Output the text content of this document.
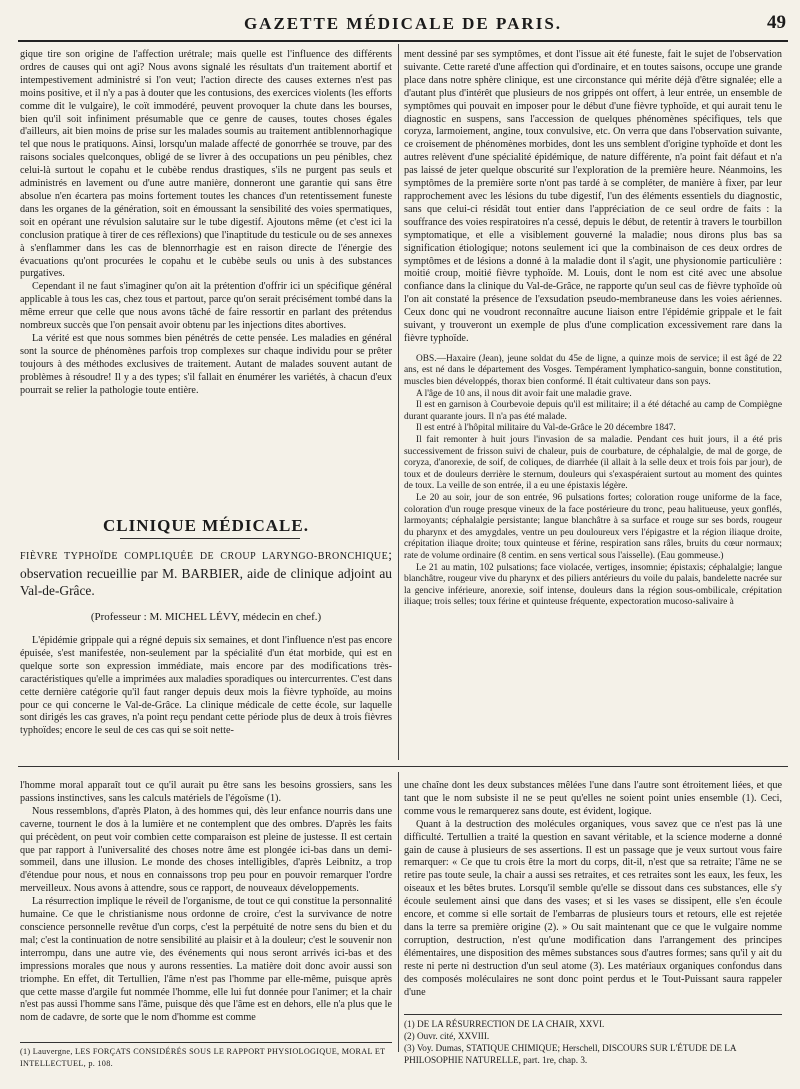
GAZETTE MÉDICALE DE PARIS.	49

gique tire son origine de l'affection urétrale; mais quelle est l'influence des différents ordres de causes qui ont agi? Nous avons signalé les résultats d'un traitement abortif et intempestivement administré si l'on veut; l'action directe des causes externes n'est pas moins positive, et il n'y a pas à douter que les contusions, des exercices violents (les efforts comme dit le vulgaire), le coït immodéré, peuvent provoquer la chute dans les bourses, bien qu'il soit infiniment présumable que ce genre de causes, toutes choses égales d'ailleurs, ait bien moins de prise sur les malades soumis au traitement antiblennorhagique tel que nous le pratiquons. Ainsi, lorsqu'un malade affecté de gonorrhée se trouve, par des raisons sociales quelconques, obligé de se livrer à des occupations un peu pénibles, chez celui-là surtout le copahu et le cubèbe rendus drastiques, s'ils ne purgent pas seuls et administrés en lavement ou d'une autre manière, donneront une garantie qui sans être absolue n'en écartera pas moins fortement toutes les chances d'un retentissement funeste dans les organes de la génération, soit en émoussant la sensibilité des voies spermatiques, soit en opérant une révulsion salutaire sur le tube digestif. Ajoutons même (et c'est ici la conclusion pratique à tirer de ces réflexions) que l'inaptitude du testicule ou de ses annexes à s'enflammer dans les cas de blennorrhagie est en raison directe de l'énergie des évacuations qu'ont procurées le copahu et le cubèbe seuls ou unis à des substances purgatives.

Cependant il ne faut s'imaginer qu'on ait la prétention d'offrir ici un spécifique général applicable à tous les cas, chez tous et partout, parce qu'on serait précisément tombé dans la même erreur que celle que nous avons tâché de faire ressortir en parlant des prétendus nombreux succès que l'on pensait avoir obtenu par les injections dites abortives.

La vérité est que nous sommes bien pénétrés de cette pensée. Les maladies en général sont la source de phénomènes parfois trop complexes sur chaque individu pour se prêter toujours à des méthodes exclusives de traitement. Autant de malades souvent autant de problèmes à résoudre! Il y a des types; s'il fallait en énumérer les variétés, à chacun d'eux pourrait se relier la pathologie toute entière.

CLINIQUE MÉDICALE.
FIÈVRE TYPHOÏDE COMPLIQUÉE DE CROUP LARYNGO-BRONCHIQUE; observation recueillie par M. BARBIER, aide de clinique adjoint au Val-de-Grâce.
(Professeur : M. MICHEL LÉVY, médecin en chef.)

L'épidémie grippale qui a régné depuis six semaines, et dont l'influence n'est pas encore épuisée, s'est manifestée, non-seulement par la spécialité d'un état morbide, qui est en quelque sorte son expression immédiate, mais encore par des modifications très-caractéristiques qu'elle a imprimées aux maladies sporadiques ou intercurrentes. C'est dans cette dernière catégorie qu'il faut ranger depuis deux mois la fièvre typhoïde, au moins pour ce qui concerne le Val-de-Grâce. La clinique médicale de cette école, sur laquelle sont dirigés les cas graves, n'a point reçu pendant cette période plus de deux à trois fièvres typhoïdes; encore le seul de ces cas qui se soit nette-

ment dessiné par ses symptômes, et dont l'issue ait été funeste, fait le sujet de l'observation suivante. Cette rareté d'une affection qui d'ordinaire, et en toutes saisons, occupe une grande place dans notre sphère clinique, est une circonstance qui mérite déjà d'être signalée; elle a d'autant plus d'intérêt que plusieurs de nos grippés ont offert, à leur entrée, un ensemble de symptômes qui pouvait en imposer pour le début d'une fièvre typhoïde, et qui aurait tenu le diagnostic en suspens, sans l'accession de quelques phénomènes spécifiques, tels que coryza, larmoiement, angine, toux convulsive, etc. On verra que dans l'observation suivante, ce croisement de phénomènes morbides, dont les uns semblent d'origine typhoïde et dont les autres relèvent d'une spécialité épidémique, de nature différente, n'a point fait défaut et n'a pas laissé de jeter quelque obscurité sur l'exploration de la première heure. Néanmoins, les symptômes de la première sorte n'ont pas tardé à se compléter, de manière à fixer, par leur rapprochement avec les lésions du tube digestif, l'un des éléments essentiels du diagnostic, sans que celui-ci résidât tout entier dans l'appréciation de ce seul ordre de faits : la souffrance des voies respiratoires n'a cessé, depuis le début, de retentir à travers le tourbillon symptomatique, et elle a visiblement gouverné la maladie; nous dirons plus bas sa signification étiologique; notons seulement ici que la combinaison de ces deux ordres de symptômes et de lésions a donné à la maladie dont il s'agit, une physionomie particulière : moitié croup, moitié fièvre typhoïde. M. Louis, dont le nom est cité avec une absolue confiance dans la clinique du Val-de-Grâce, ne rapporte qu'un seul cas de fièvre typhoïde où l'on ait constaté la présence de l'exsudation pseudo-membraneuse dans les voies aériennes. Ceux donc qui ne voudront reconnaître aucune liaison entre l'épidémie grippale et le fait suivant, y trouveront un exemple de plus d'une complication excessivement rare dans la fièvre typhoïde.

OBS.—Haxaire (Jean), jeune soldat du 45e de ligne, a quinze mois de service; il est âgé de 22 ans, est né dans le département des Vosges. Tempérament lymphatico-sanguin, bonne constitution, muscles bien développés, thorax bien conformé. Il était cultivateur dans son pays.

A l'âge de 10 ans, il nous dit avoir fait une maladie grave.

Il est en garnison à Courbevoie depuis qu'il est militaire; il a été détaché au camp de Compiègne durant quarante jours. Il n'a pas été malade.

Il est entré à l'hôpital militaire du Val-de-Grâce le 20 décembre 1847.

Il fait remonter à huit jours l'invasion de sa maladie. Pendant ces huit jours, il a été pris successivement de frisson suivi de chaleur, puis de courbature, de céphalalgie, de mal de gorge, de coryza, d'anorexie, de soif, de coliques, de diarrhée (il allait à la selle deux et trois fois par jour), de toux et de douleurs derrière le sternum, douleurs qui s'exaspéraient surtout au moment des quintes de toux. La veille de son entrée, il a eu une épistaxis légère.

Le 20 au soir, jour de son entrée, 96 pulsations fortes; coloration rouge uniforme de la face, coloration d'un rouge presque vineux de la face postérieure du tronc, peau halitueuse, yeux gonflés, larmoyants; céphalalgie persistante; langue blanchâtre à sa surface et rouge sur ses bords, rougeur du pharynx et des amygdales, ventre un peu douloureux vers l'épigastre et la région iliaque droite, crépitation iliaque droite; toux quinteuse et férine, respiration sans râles, bruits du cœur normaux; rate de volume ordinaire (8 centim. en sens vertical sous l'aisselle). (Eau gommeuse.)

Le 21 au matin, 102 pulsations; face violacée, vertiges, insomnie; épistaxis; céphalalgie; langue blanchâtre, rougeur vive du pharynx et des piliers antérieurs du voile du palais, bandelette nacrée sur la gencive inférieure, anorexie, soif intense, douleurs dans la région sous-ombilicale, crépitation iliaque; trois selles; toux férine et quinteuse fréquente, expectoration mucoso-salivaire à

l'homme moral apparaît tout ce qu'il aurait pu être sans les besoins grossiers, sans les passions instinctives, sans les calculs matériels de l'égoïsme (1).

Nous ressemblons, d'après Platon, à des hommes qui, dès leur enfance nourris dans une caverne, tournent le dos à la lumière et ne contemplent que des ombres. D'après les faits qui précèdent, on peut voir combien cette comparaison est pleine de justesse. Il est certain que par rapport à l'universalité des choses notre âme est plongée ici-bas dans un demi-sommeil, dans une illusion. Le monde des choses intelligibles, d'après Leibnitz, a trop d'étendue pour nous, et nous en connaissons trop peu pour en pouvoir remarquer l'ordre merveilleux. Nous avons à attendre, sous ce rapport, de nouveaux développements.

La résurrection implique le réveil de l'organisme, de tout ce qui constitue la personnalité humaine. Ce que le christianisme nous ordonne de croire, c'est la survivance de notre conscience personnelle revêtue d'un corps, c'est la perpétuité de notre sens du bien et du mal; c'est la continuation de notre sensibilité au plaisir et à la douleur; c'est le souvenir non interrompu, dans une autre vie, des événements qui nous seront arrivés ici-bas et des impressions morales que nous y aurons ressenties. La matière doit donc avoir aussi son triomphe. En effet, dit Tertullien, l'âme n'est pas l'homme par elle-même, puisque après que cette masse d'argile fut nommée l'homme, elle lui fut donnée pour l'animer; et la chair n'est pas aussi l'homme sans l'âme, puisque dès que l'âme est en dehors, elle n'a plus que le nom de cadavre, de sorte que le nom d'homme est comme

une chaîne dont les deux substances mêlées l'une dans l'autre sont étroitement liées, et que tant que le nom subsiste il ne se peut qu'elles ne soient point unies ensemble (1). Ceci, comme vous le remarquerez sans doute, est évident, logique.

Quant à la destruction des molécules organiques, vous savez que ce n'est pas là une difficulté. Tertullien a traité la question en savant véritable, et la science moderne a donné gain de cause à plusieurs de ses assertions. Il est un passage que je veux surtout vous faire remarquer: « Ce que tu crois être la mort du corps, dit-il, n'est que sa retraite; l'âme ne se retire pas toute seule, la chair a aussi ses retraites, et ces retraites sont les eaux, les feux, les oiseaux et les bêtes brutes. Lorsqu'il semble qu'elle se dissout dans ces substances, elle s'y écoule seulement ainsi que dans des vases; et si les vases se dissipent, elle s'en écoule encore, et comme si elle sortait de l'embarras de plusieurs tours et retours, elle est rejetée dans la terre sa première origine (2). » Ou sait maintenant que ce que le vulgaire nomme corruption, destruction, n'est qu'une modification dans l'arrangement des principes élémentaires, une disposition des mêmes substances sous d'autres formes; sans qu'il y ait du reste ni perte ni destruction d'un seul atome (3). Les matériaux organiques confondus dans des composés moléculaires ne sont donc point perdus et le Tout-Puissant saura rappeler d'une

(1) Lauvergne, LES FORÇATS CONSIDÉRÉS SOUS LE RAPPORT PHYSIOLOGIQUE, MORAL ET INTELLECTUEL, p. 108.
(1) DE LA RÉSURRECTION DE LA CHAIR, XXVI.
(2) Ouvr. cité, XXVIII.
(3) Voy. Dumas, STATIQUE CHIMIQUE; Herschell, DISCOURS SUR L'ÉTUDE DE LA PHILOSOPHIE NATURELLE, part. 1re, chap. 3.
